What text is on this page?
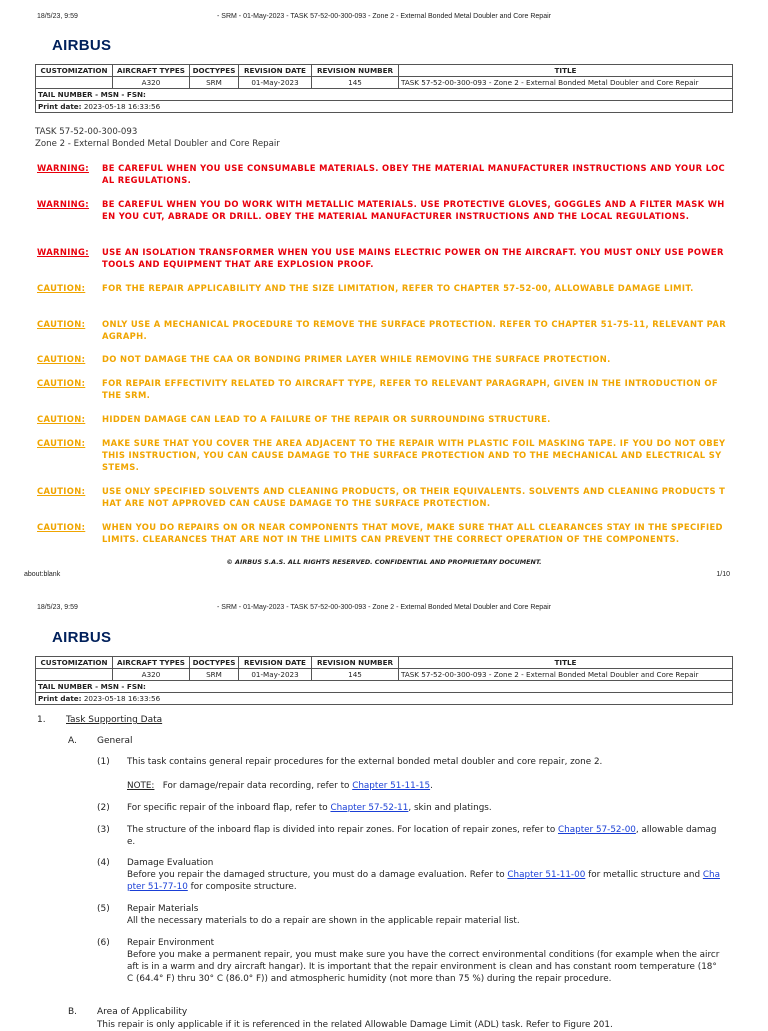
18/5/23, 9:59	- SRM - 01-May-2023 - TASK 57-52-00-300-093 - Zone 2 - External Bonded Metal Doubler and Core Repair
AIRBUS
CUSTOMIZATION	AIRCRAFT TYPES	DOCTYPES	REVISION DATE	REVISION NUMBER	TITLE
	A320	SRM	01-May-2023	145	TASK 57-52-00-300-093 - Zone 2 - External Bonded Metal Doubler and Core Repair
TAIL NUMBER - MSN - FSN:					
Print date: 2023-05-18 16:33:56					
TASK 57-52-00-300-093
Zone 2 - External Bonded Metal Doubler and Core Repair
WARNING: BE CAREFUL WHEN YOU USE CONSUMABLE MATERIALS. OBEY THE MATERIAL MANUFACTURER INSTRUCTIONS AND YOUR LOCAL REGULATIONS.
WARNING: BE CAREFUL WHEN YOU DO WORK WITH METALLIC MATERIALS. USE PROTECTIVE GLOVES, GOGGLES AND A FILTER MASK WHEN YOU CUT, ABRADE OR DRILL. OBEY THE MATERIAL MANUFACTURER INSTRUCTIONS AND THE LOCAL REGULATIONS.
WARNING: USE AN ISOLATION TRANSFORMER WHEN YOU USE MAINS ELECTRIC POWER ON THE AIRCRAFT. YOU MUST ONLY USE POWER TOOLS AND EQUIPMENT THAT ARE EXPLOSION PROOF.
CAUTION: FOR THE REPAIR APPLICABILITY AND THE SIZE LIMITATION, REFER TO CHAPTER 57-52-00, ALLOWABLE DAMAGE LIMIT.
CAUTION: ONLY USE A MECHANICAL PROCEDURE TO REMOVE THE SURFACE PROTECTION. REFER TO CHAPTER 51-75-11, RELEVANT PARAGRAPH.
CAUTION: DO NOT DAMAGE THE CAA OR BONDING PRIMER LAYER WHILE REMOVING THE SURFACE PROTECTION.
CAUTION: FOR REPAIR EFFECTIVITY RELATED TO AIRCRAFT TYPE, REFER TO RELEVANT PARAGRAPH, GIVEN IN THE INTRODUCTION OF THE SRM.
CAUTION: HIDDEN DAMAGE CAN LEAD TO A FAILURE OF THE REPAIR OR SURROUNDING STRUCTURE.
CAUTION: MAKE SURE THAT YOU COVER THE AREA ADJACENT TO THE REPAIR WITH PLASTIC FOIL MASKING TAPE. IF YOU DO NOT OBEY THIS INSTRUCTION, YOU CAN CAUSE DAMAGE TO THE SURFACE PROTECTION AND TO THE MECHANICAL AND ELECTRICAL SYSTEMS.
CAUTION: USE ONLY SPECIFIED SOLVENTS AND CLEANING PRODUCTS, OR THEIR EQUIVALENTS. SOLVENTS AND CLEANING PRODUCTS THAT ARE NOT APPROVED CAN CAUSE DAMAGE TO THE SURFACE PROTECTION.
CAUTION: WHEN YOU DO REPAIRS ON OR NEAR COMPONENTS THAT MOVE, MAKE SURE THAT ALL CLEARANCES STAY IN THE SPECIFIED LIMITS. CLEARANCES THAT ARE NOT IN THE LIMITS CAN PREVENT THE CORRECT OPERATION OF THE COMPONENTS.
© AIRBUS S.A.S. ALL RIGHTS RESERVED. CONFIDENTIAL AND PROPRIETARY DOCUMENT.
about:blank	1/10
18/5/23, 9:59	- SRM - 01-May-2023 - TASK 57-52-00-300-093 - Zone 2 - External Bonded Metal Doubler and Core Repair
AIRBUS
CUSTOMIZATION	AIRCRAFT TYPES	DOCTYPES	REVISION DATE	REVISION NUMBER	TITLE
	A320	SRM	01-May-2023	145	TASK 57-52-00-300-093 - Zone 2 - External Bonded Metal Doubler and Core Repair
TAIL NUMBER - MSN - FSN:					
Print date: 2023-05-18 16:33:56					
1. Task Supporting Data
A. General
(1) This task contains general repair procedures for the external bonded metal doubler and core repair, zone 2.
NOTE: For damage/repair data recording, refer to Chapter 51-11-15.
(2) For specific repair of the inboard flap, refer to Chapter 57-52-11, skin and platings.
(3) The structure of the inboard flap is divided into repair zones. For location of repair zones, refer to Chapter 57-52-00, allowable damage.
(4) Damage Evaluation
Before you repair the damaged structure, you must do a damage evaluation. Refer to Chapter 51-11-00 for metallic structure and Chapter 51-77-10 for composite structure.
(5) Repair Materials
All the necessary materials to do a repair are shown in the applicable repair material list.
(6) Repair Environment
Before you make a permanent repair, you must make sure you have the correct environmental conditions (for example when the aircraft is in a warm and dry aircraft hangar). It is important that the repair environment is clean and has constant room temperature (18° C (64.4° F) thru 30° C (86.0° F)) and atmospheric humidity (not more than 75 %) during the repair procedure.
B. Area of Applicability
This repair is only applicable if it is referenced in the related Allowable Damage Limit (ADL) task. Refer to Figure 201.
